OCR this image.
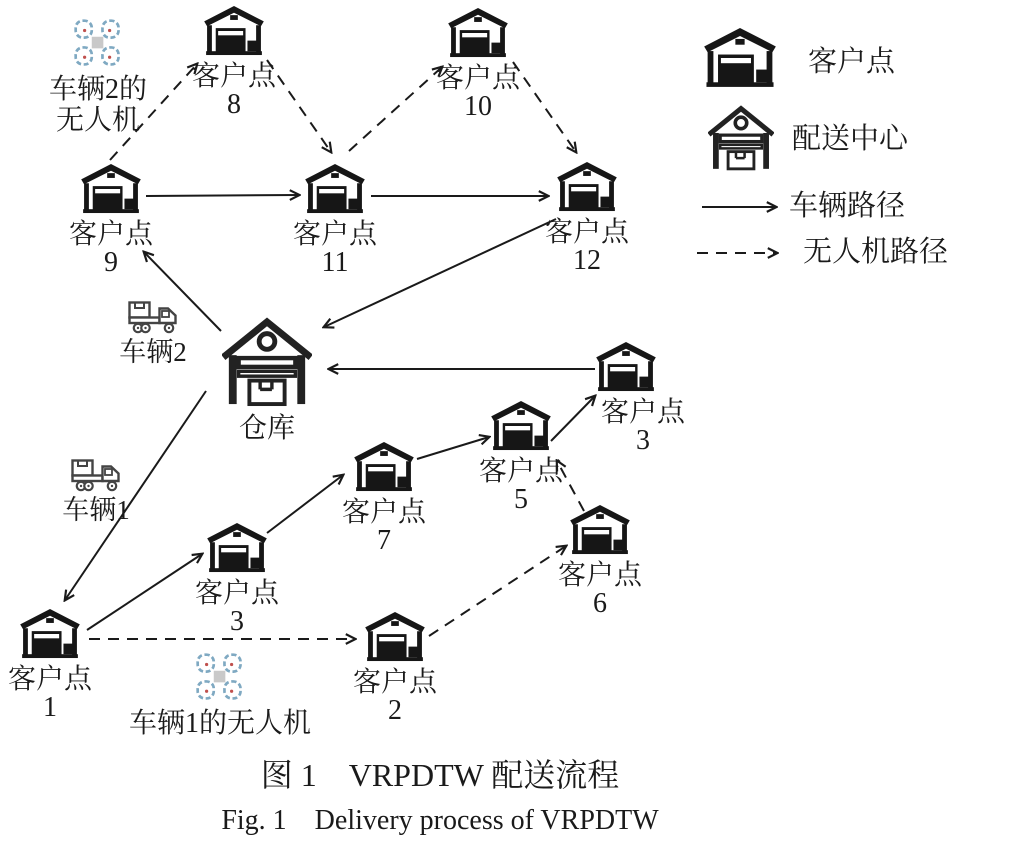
客户点
8
客户点
10
客户点
9
客户点
11
客户点
12
仓库
客户点
3
客户点
5
客户点
7
客户点
6
客户点
3
客户点
1
客户点
2
车辆2
车辆1
车辆2的
无人机
车辆1的无人机
客户点
配送中心
车辆路径
无人机路径
图 1　VRPDTW 配送流程
Fig. 1　Delivery process of VRPDTW
